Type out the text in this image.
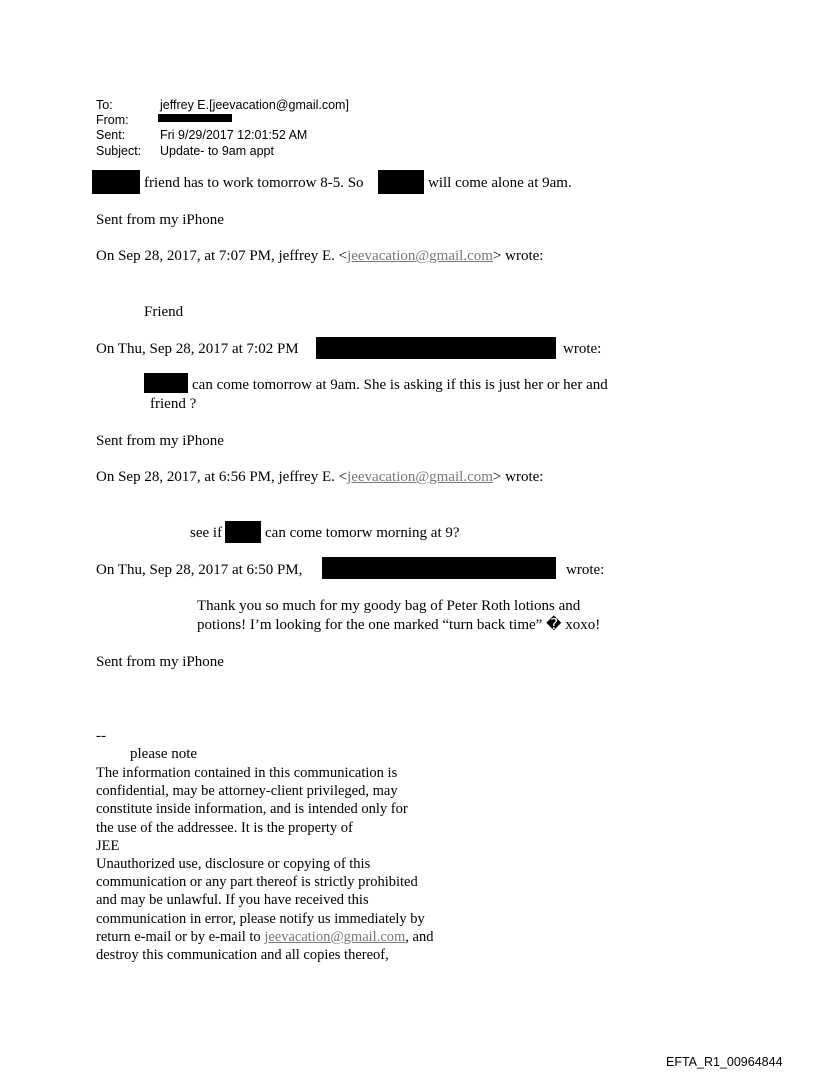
To:	jeffrey E.[jeevacation@gmail.com]
From:
Sent:	Fri 9/29/2017 12:01:52 AM
Subject: Update- to 9am appt
friend has to work tomorrow 8-5. So	will come alone at 9am.
Sent from my iPhone
On Sep 28, 2017, at 7:07 PM, jeffrey E. <jeevacation@gmail.com> wrote:
Friend
On Thu, Sep 28, 2017 at 7:02 PM	wrote:
can come tomorrow at 9am. She is asking if this is just her or her and
friend ?
Sent from my iPhone
On Sep 28, 2017, at 6:56 PM, jeffrey E. <jeevacation@gmail.com> wrote:
see if	can come tomorw morning at 9?
On Thu, Sep 28, 2017 at 6:50 PM,	wrote:
Thank you so much for my goody bag of Peter Roth lotions and
potions! I’m looking for the one marked “turn back time” � xoxo!
Sent from my iPhone
--
please note
The information contained in this communication is
confidential, may be attorney-client privileged, may
constitute inside information, and is intended only for
the use of the addressee. It is the property of
JEE
Unauthorized use, disclosure or copying of this
communication or any part thereof is strictly prohibited
and may be unlawful. If you have received this
communication in error, please notify us immediately by
return e-mail or by e-mail to jeevacation@gmail.com, and
destroy this communication and all copies thereof,
EFTA_R1_00964844
